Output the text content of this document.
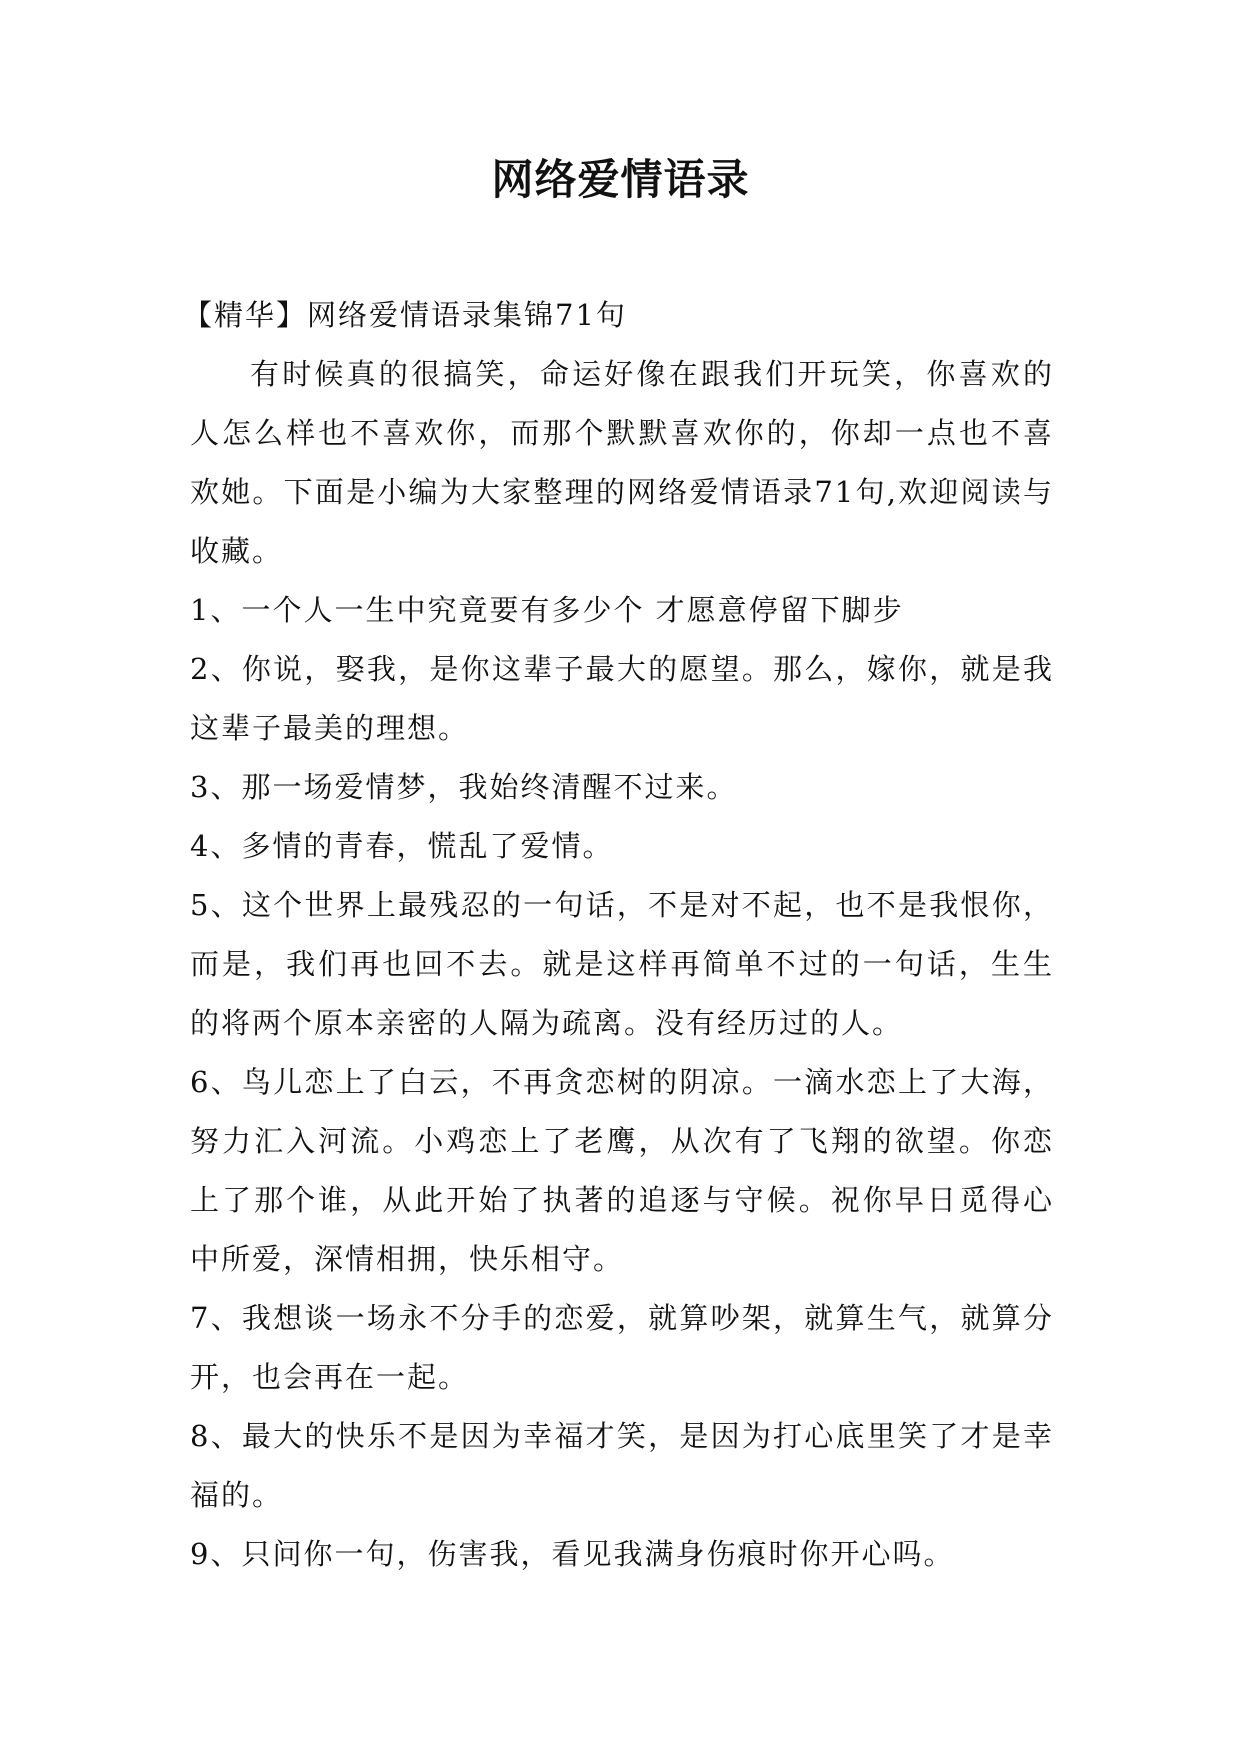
网络爱情语录

【精华】网络爱情语录集锦71句

有时候真的很搞笑，命运好像在跟我们开玩笑，你喜欢的人怎么样也不喜欢你，而那个默默喜欢你的，你却一点也不喜欢她。下面是小编为大家整理的网络爱情语录71句,欢迎阅读与收藏。

1、一个人一生中究竟要有多少个 才愿意停留下脚步

2、你说，娶我，是你这辈子最大的愿望。那么，嫁你，就是我这辈子最美的理想。

3、那一场爱情梦，我始终清醒不过来。

4、多情的青春，慌乱了爱情。

5、这个世界上最残忍的一句话，不是对不起，也不是我恨你，而是，我们再也回不去。就是这样再简单不过的一句话，生生的将两个原本亲密的人隔为疏离。没有经历过的人。

6、鸟儿恋上了白云，不再贪恋树的阴凉。一滴水恋上了大海，努力汇入河流。小鸡恋上了老鹰，从次有了飞翔的欲望。你恋上了那个谁，从此开始了执著的追逐与守候。祝你早日觅得心中所爱，深情相拥，快乐相守。

7、我想谈一场永不分手的恋爱，就算吵架，就算生气，就算分开，也会再在一起。

8、最大的快乐不是因为幸福才笑，是因为打心底里笑了才是幸福的。

9、只问你一句，伤害我，看见我满身伤痕时你开心吗。
